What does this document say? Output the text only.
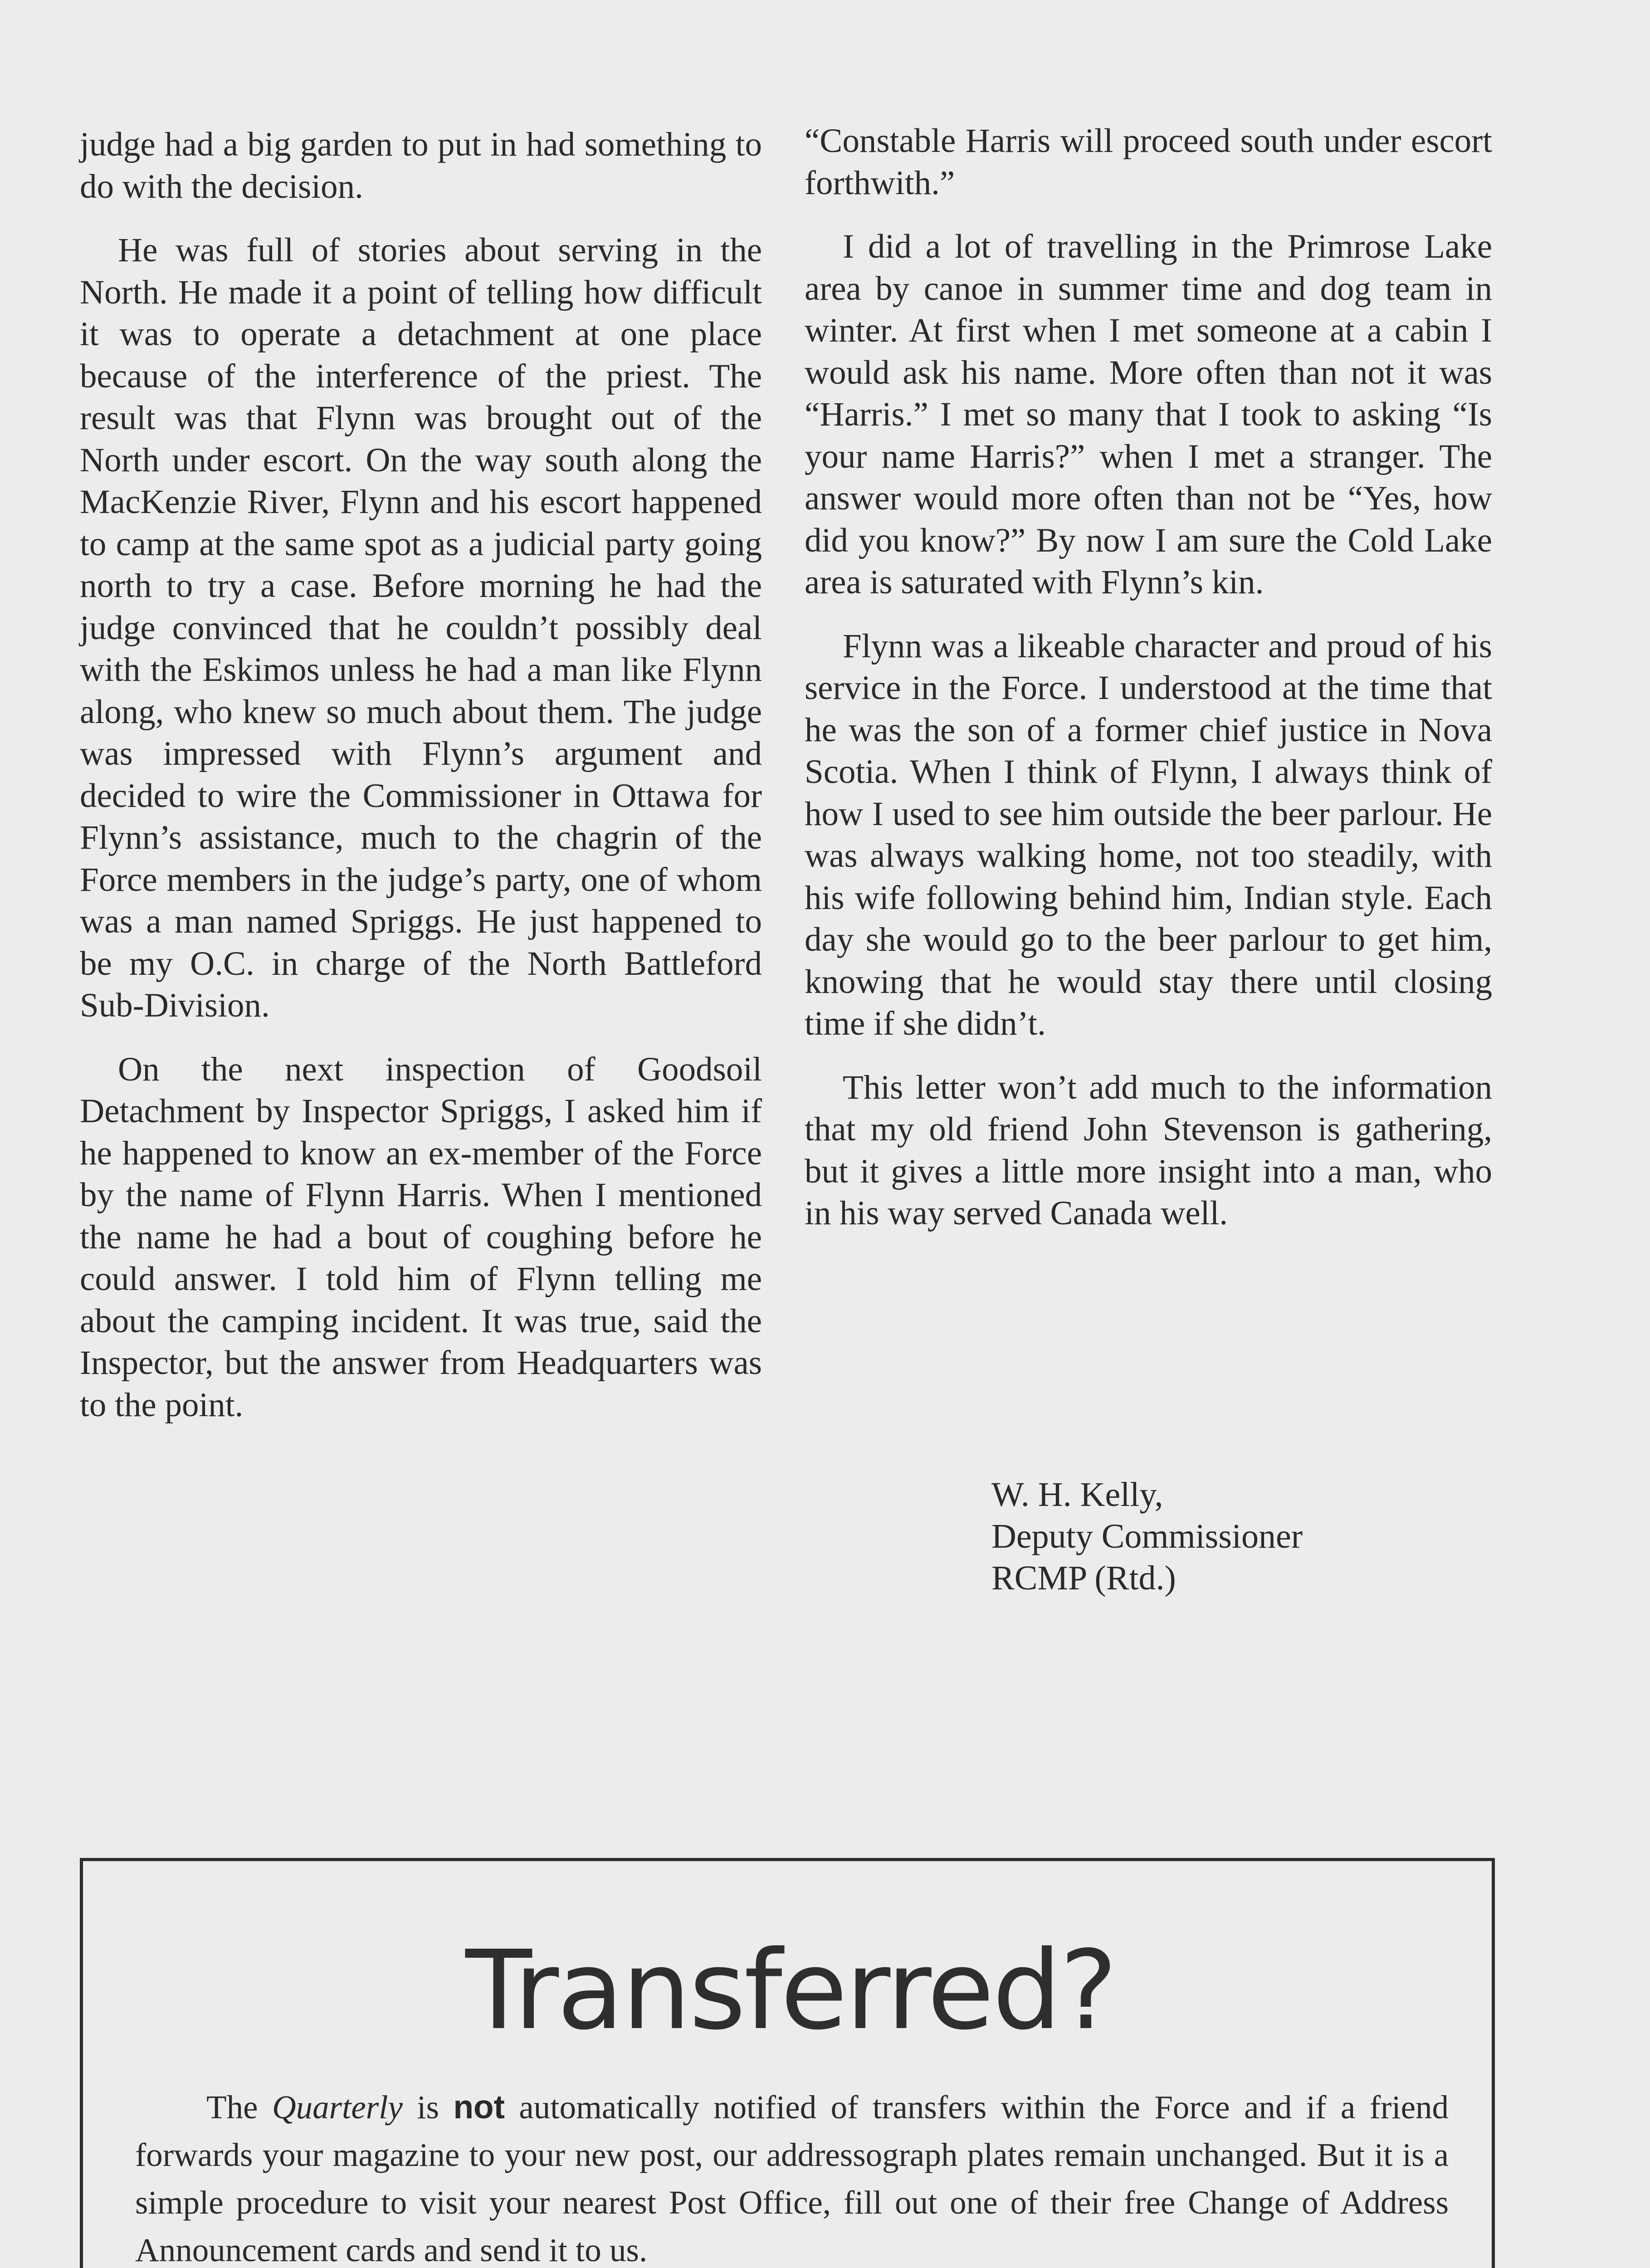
judge had a big garden to put in had something to do with the decision.

He was full of stories about serving in the North. He made it a point of telling how difficult it was to operate a detachment at one place because of the interference of the priest. The result was that Flynn was brought out of the North under escort. On the way south along the MacKenzie River, Flynn and his escort happened to camp at the same spot as a judicial party going north to try a case. Before morning he had the judge convinced that he couldn’t possibly deal with the Eskimos unless he had a man like Flynn along, who knew so much about them. The judge was impressed with Flynn’s argument and decided to wire the Commissioner in Ottawa for Flynn’s assistance, much to the chagrin of the Force members in the judge’s party, one of whom was a man named Spriggs. He just happened to be my O.C. in charge of the North Battleford Sub-Division.

On the next inspection of Goodsoil Detachment by Inspector Spriggs, I asked him if he happened to know an ex-member of the Force by the name of Flynn Harris. When I mentioned the name he had a bout of coughing before he could answer. I told him of Flynn telling me about the camping incident. It was true, said the Inspector, but the answer from Headquarters was to the point.

“Constable Harris will proceed south under escort forthwith.”

I did a lot of travelling in the Primrose Lake area by canoe in summer time and dog team in winter. At first when I met someone at a cabin I would ask his name. More often than not it was “Harris.” I met so many that I took to asking “Is your name Harris?” when I met a stranger. The answer would more often than not be “Yes, how did you know?” By now I am sure the Cold Lake area is saturated with Flynn’s kin.

Flynn was a likeable character and proud of his service in the Force. I understood at the time that he was the son of a former chief justice in Nova Scotia. When I think of Flynn, I always think of how I used to see him outside the beer parlour. He was always walking home, not too steadily, with his wife following behind him, Indian style. Each day she would go to the beer parlour to get him, knowing that he would stay there until closing time if she didn’t.

This letter won’t add much to the information that my old friend John Stevenson is gathering, but it gives a little more insight into a man, who in his way served Canada well.

W. H. Kelly,
Deputy Commissioner
RCMP (Rtd.)
Transferred?
The Quarterly is not automatically notified of transfers within the Force and if a friend forwards your magazine to your new post, our addressograph plates remain unchanged. But it is a simple procedure to visit your nearest Post Office, fill out one of their free Change of Address Announcement cards and send it to us.
